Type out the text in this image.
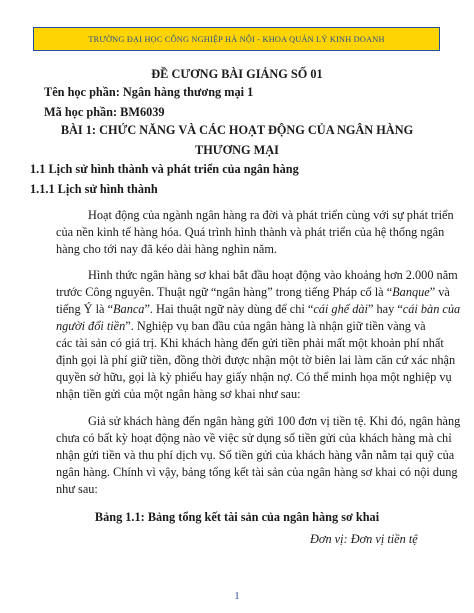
TRƯỜNG ĐẠI HỌC CÔNG NGHIỆP HÀ NỘI - KHOA QUẢN LÝ KINH DOANH
ĐỀ CƯƠNG BÀI GIẢNG SỐ 01
Tên học phần: Ngân hàng thương mại 1
Mã học phần: BM6039
BÀI 1: CHỨC NĂNG VÀ CÁC HOẠT ĐỘNG CỦA NGÂN HÀNG
THƯƠNG MẠI
1.1 Lịch sử hình thành và phát triển của ngân hàng
1.1.1 Lịch sử hình thành
Hoạt động của ngành ngân hàng ra đời và phát triển cùng với sự phát triển
của nền kinh tế hàng hóa. Quá trình hình thành và phát triển của hệ thống ngân
hàng cho tới nay đã kéo dài hàng nghìn năm.
Hình thức ngân hàng sơ khai bắt đầu hoạt động vào khoảng hơn 2.000 năm
trước Công nguyên. Thuật ngữ “ngân hàng” trong tiếng Pháp cổ là “Banque” và
tiếng Ý là “Banca”. Hai thuật ngữ này dùng để chỉ “cái ghế dài” hay “cái bàn của
người đổi tiền”. Nghiệp vụ ban đầu của ngân hàng là nhận giữ tiền vàng và
các tài sản có giá trị. Khi khách hàng đến gửi tiền phải mất một khoản phí nhất
định gọi là phí giữ tiền, đồng thời được nhận một tờ biên lai làm căn cứ xác nhận
quyền sở hữu, gọi là kỳ phiếu hay giấy nhận nợ. Có thể minh họa một nghiệp vụ
nhận tiền gửi của một ngân hàng sơ khai như sau:
Giả sử khách hàng đến ngân hàng gửi 100 đơn vị tiền tệ. Khi đó, ngân hàng
chưa có bất kỳ hoạt động nào về việc sử dụng số tiền gửi của khách hàng mà chỉ
nhận gửi tiền và thu phí dịch vụ. Số tiền gửi của khách hàng vẫn nằm tại quỹ của
ngân hàng. Chính vì vậy, bảng tổng kết tài sản của ngân hàng sơ khai có nội dung
như sau:
Bảng 1.1: Bảng tổng kết tài sản của ngân hàng sơ khai
Đơn vị: Đơn vị tiền tệ
1
